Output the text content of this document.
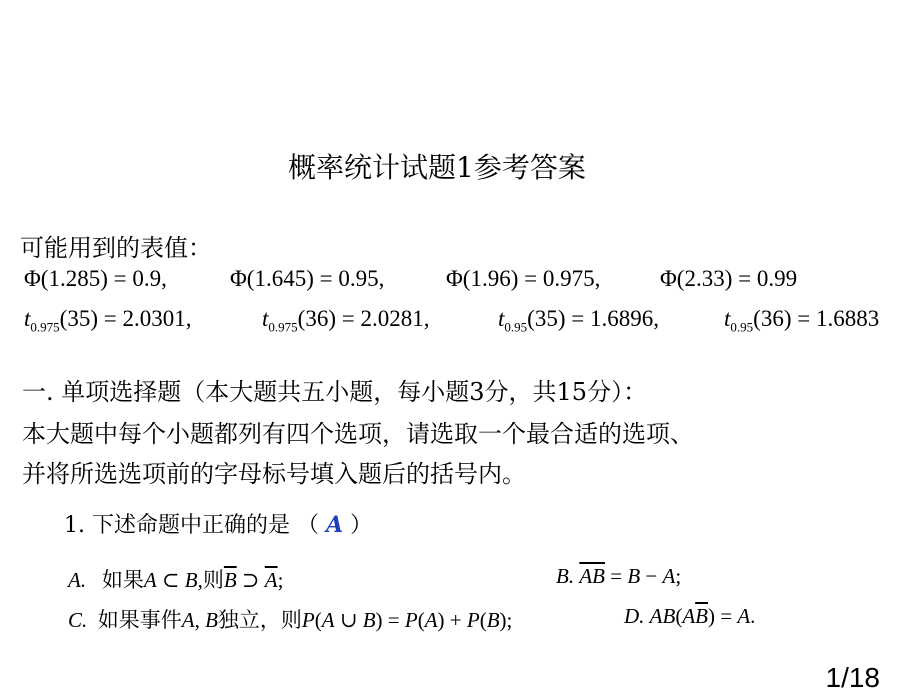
概率统计试题1参考答案
可能用到的表值：
Φ(1.285) = 0.9,	Φ(1.645) = 0.95,	Φ(1.96) = 0.975,	Φ(2.33) = 0.99
$t_{0.975}(35) = 2.0301$,	$t_{0.975}(36) = 2.0281$,	$t_{0.95}(35) = 1.6896$,	$t_{0.95}(36) = 1.6883$
一. 单项选择题（本大题共五小题，每小题3分，共15分）：
本大题中每个小题都列有四个选项，请选取一个最合适的选项、
并将所选选项前的字母标号填入题后的括号内。
1. 下述命题中正确的是 （ A ）
A. 如果A ⊂ B,则$\overline{B}$ ⊃ $\overline{A}$;	B. $\overline{AB} = B - A$;
C. 如果事件A, B独立，则P(A ∪ B) = P(A) + P(B);	D. $AB(A\overline{B}) = A$.
1/18
